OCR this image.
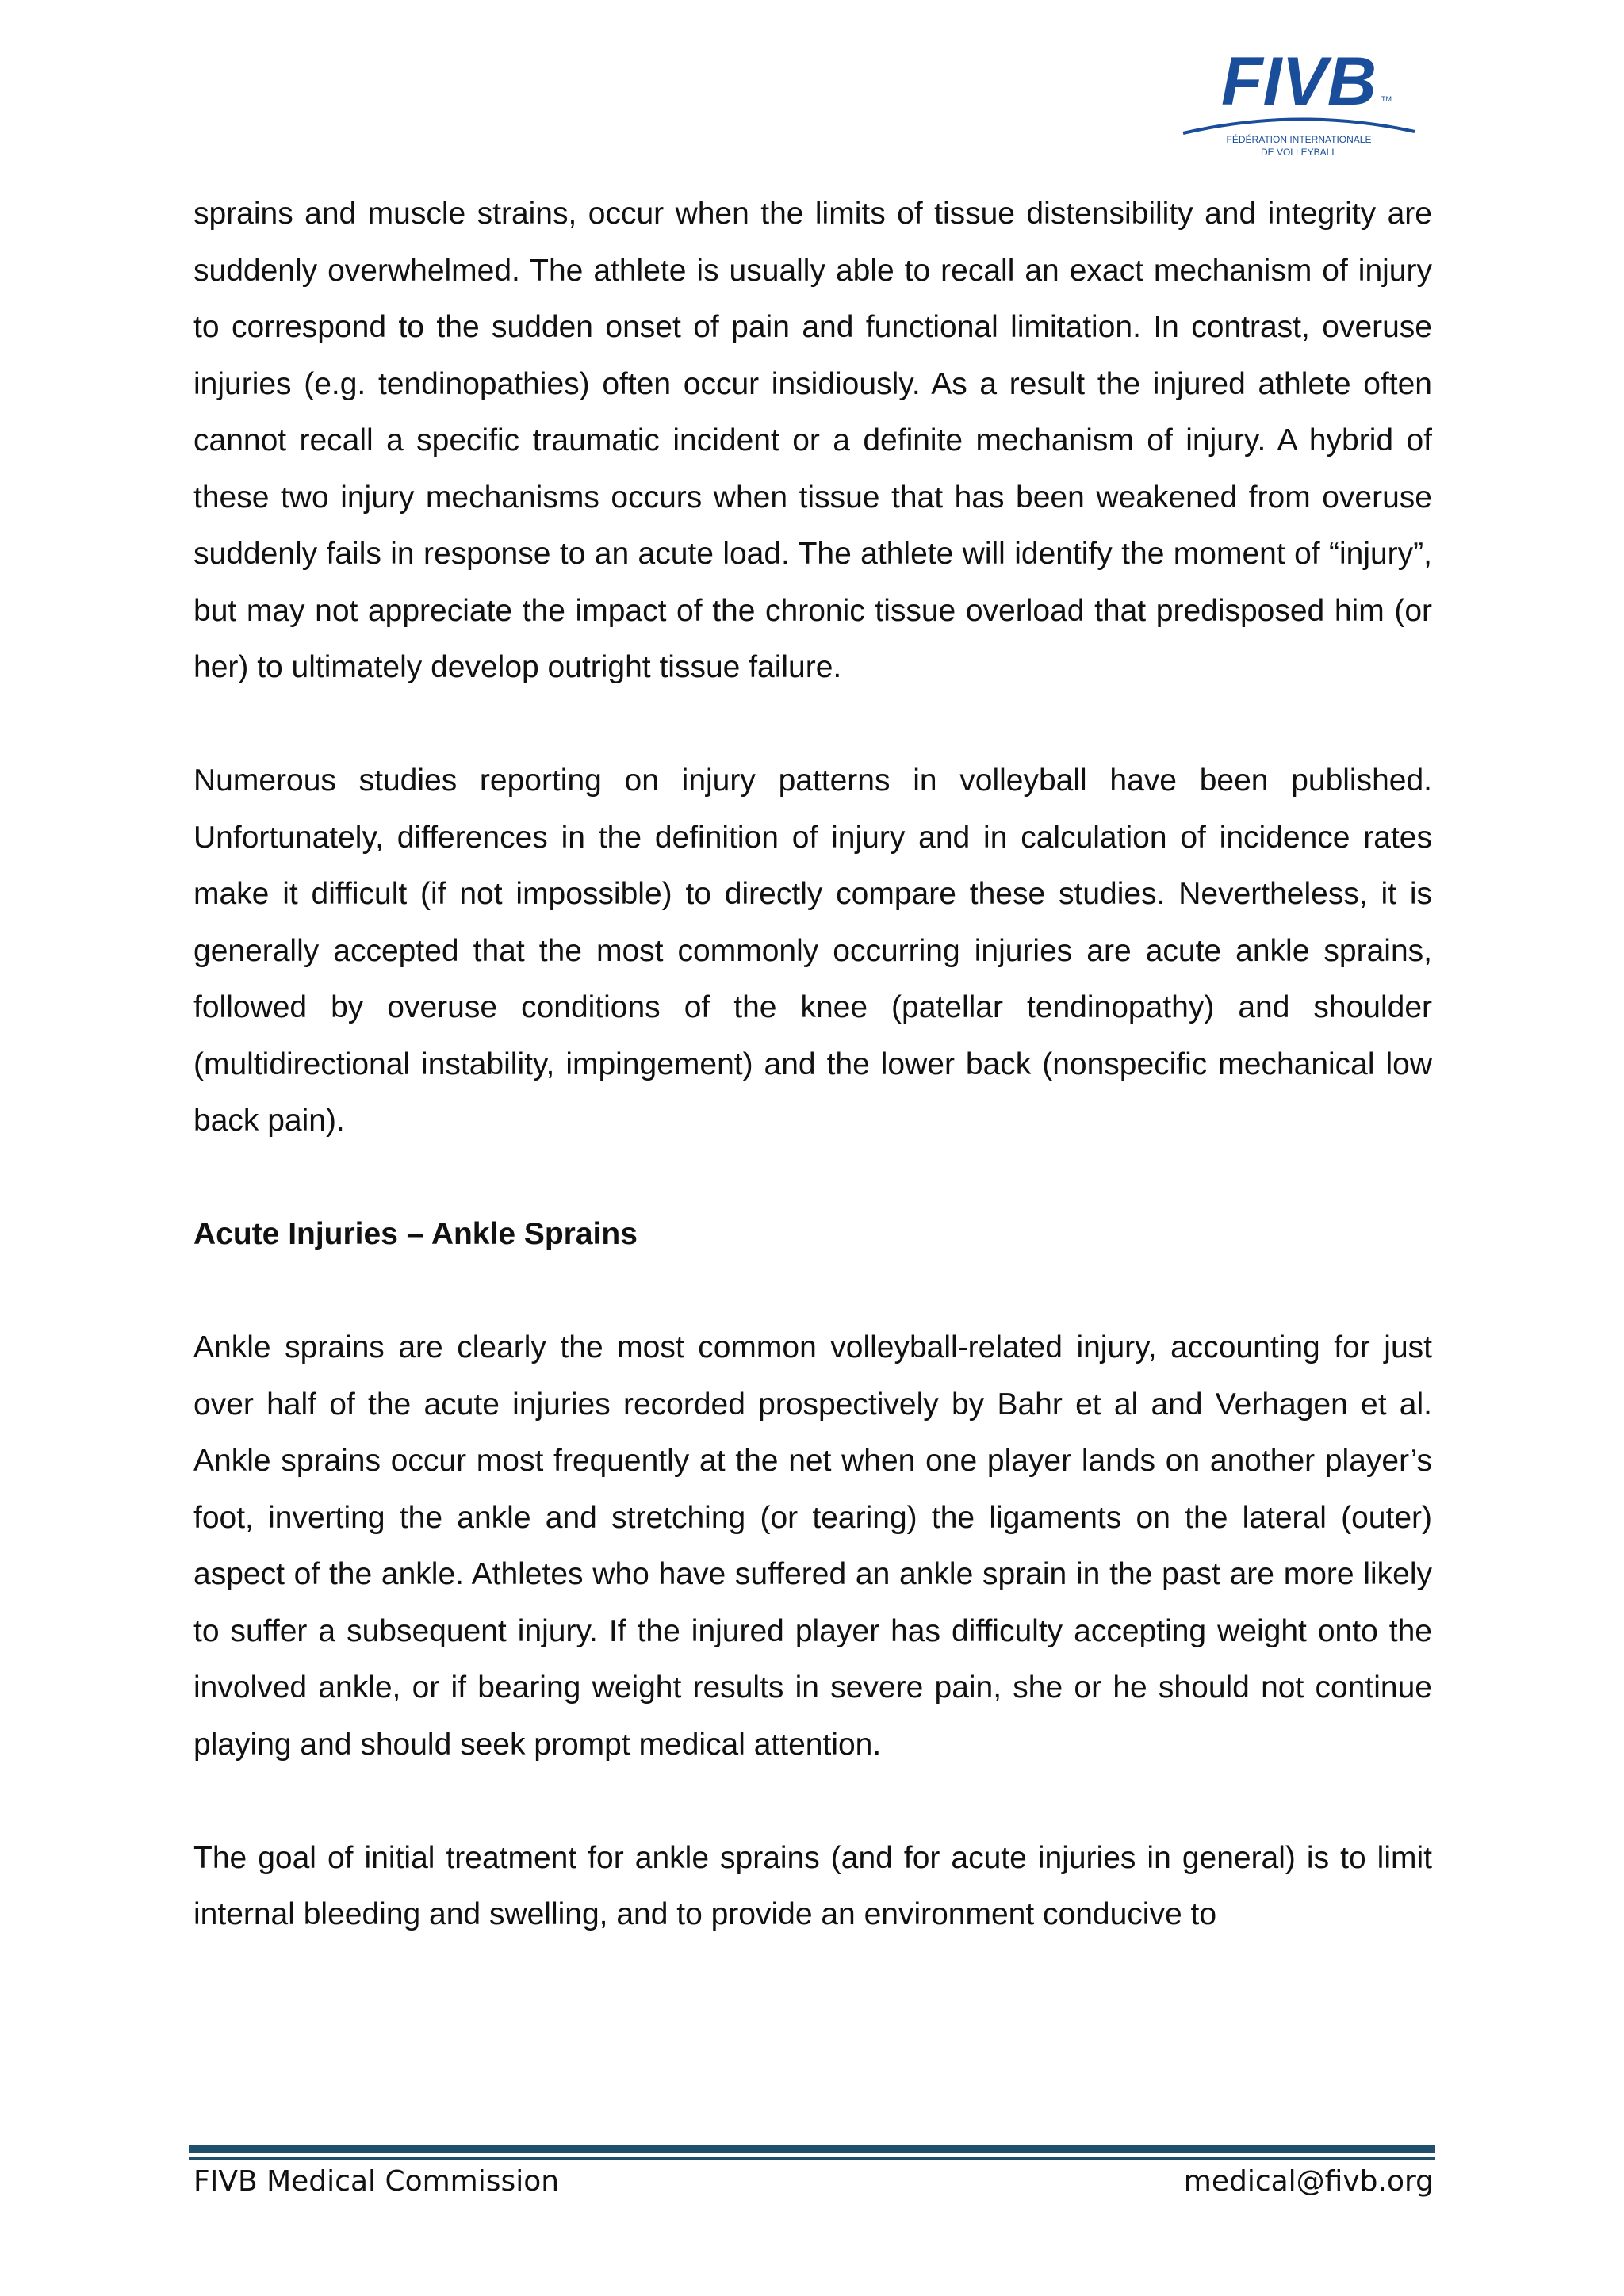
FIVB TM
FÉDÉRATION INTERNATIONALE
DE VOLLEYBALL

sprains and muscle strains, occur when the limits of tissue distensibility and integrity are suddenly overwhelmed. The athlete is usually able to recall an exact mechanism of injury to correspond to the sudden onset of pain and functional limitation. In contrast, overuse injuries (e.g. tendinopathies) often occur insidiously. As a result the injured athlete often cannot recall a specific traumatic incident or a definite mechanism of injury. A hybrid of these two injury mechanisms occurs when tissue that has been weakened from overuse suddenly fails in response to an acute load. The athlete will identify the moment of “injury”, but may not appreciate the impact of the chronic tissue overload that predisposed him (or her) to ultimately develop outright tissue failure.

Numerous studies reporting on injury patterns in volleyball have been published. Unfortunately, differences in the definition of injury and in calculation of incidence rates make it difficult (if not impossible) to directly compare these studies. Nevertheless, it is generally accepted that the most commonly occurring injuries are acute ankle sprains, followed by overuse conditions of the knee (patellar tendinopathy) and shoulder (multidirectional instability, impingement) and the lower back (nonspecific mechanical low back pain).

Acute Injuries – Ankle Sprains

Ankle sprains are clearly the most common volleyball-related injury, accounting for just over half of the acute injuries recorded prospectively by Bahr et al and Verhagen et al. Ankle sprains occur most frequently at the net when one player lands on another player’s foot, inverting the ankle and stretching (or tearing) the ligaments on the lateral (outer) aspect of the ankle. Athletes who have suffered an ankle sprain in the past are more likely to suffer a subsequent injury. If the injured player has difficulty accepting weight onto the involved ankle, or if bearing weight results in severe pain, she or he should not continue playing and should seek prompt medical attention.

The goal of initial treatment for ankle sprains (and for acute injuries in general) is to limit internal bleeding and swelling, and to provide an environment conducive to

FIVB Medical Commission	medical@fivb.org
